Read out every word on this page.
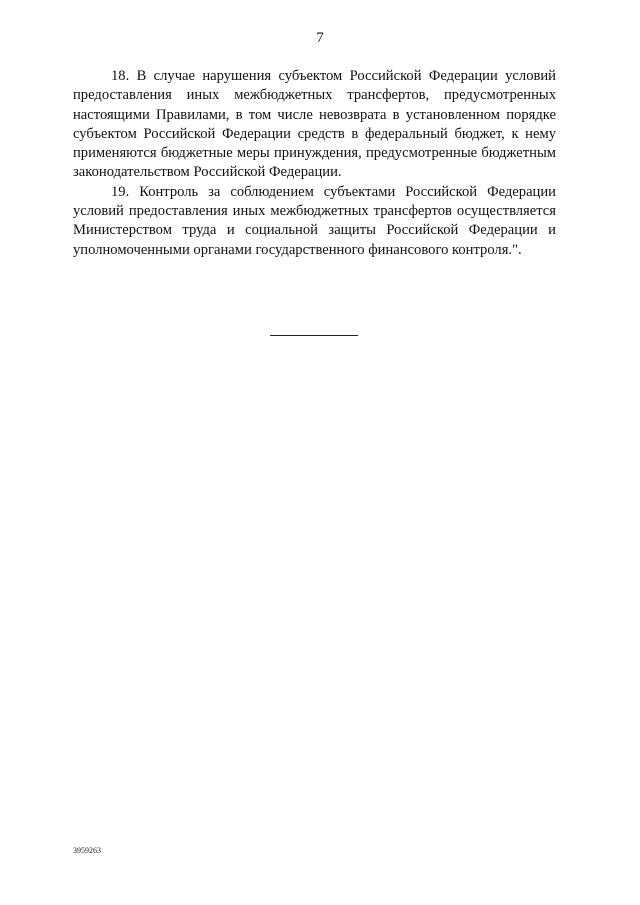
7

18. В случае нарушения субъектом Российской Федерации условий предоставления иных межбюджетных трансфертов, предусмотренных настоящими Правилами, в том числе невозврата в установленном порядке субъектом Российской Федерации средств в федеральный бюджет, к нему применяются бюджетные меры принуждения, предусмотренные бюджетным законодательством Российской Федерации.

19. Контроль за соблюдением субъектами Российской Федерации условий предоставления иных межбюджетных трансфертов осуществляется Министерством труда и социальной защиты Российской Федерации и уполномоченными органами государственного финансового контроля.".

3959263
